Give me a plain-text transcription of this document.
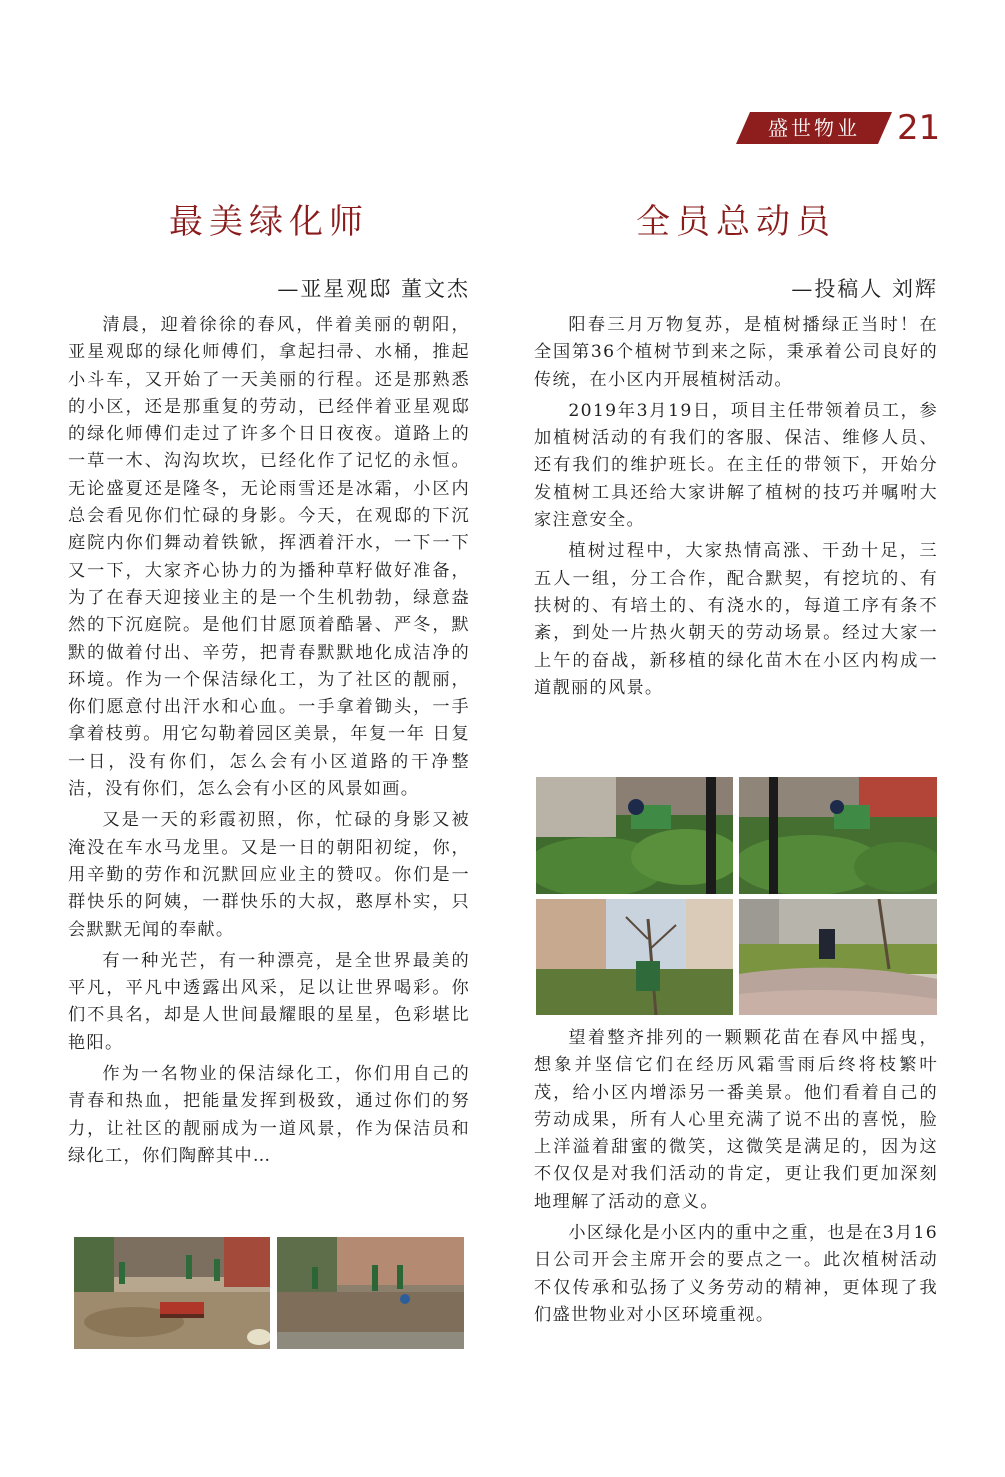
盛世物业	21
最美绿化师
—亚星观邸 董文杰

清晨，迎着徐徐的春风，伴着美丽的朝阳，亚星观邸的绿化师傅们，拿起扫帚、水桶，推起小斗车，又开始了一天美丽的行程。还是那熟悉的小区，还是那重复的劳动，已经伴着亚星观邸的绿化师傅们走过了许多个日日夜夜。道路上的一草一木、沟沟坎坎，已经化作了记忆的永恒。无论盛夏还是隆冬，无论雨雪还是冰霜，小区内总会看见你们忙碌的身影。今天，在观邸的下沉庭院内你们舞动着铁锨，挥洒着汗水，一下一下又一下，大家齐心协力的为播种草籽做好准备，为了在春天迎接业主的是一个生机勃勃，绿意盎然的下沉庭院。是他们甘愿顶着酷暑、严冬，默默的做着付出、辛劳，把青春默默地化成洁净的环境。作为一个保洁绿化工，为了社区的靓丽，你们愿意付出汗水和心血。一手拿着锄头，一手拿着枝剪。用它勾勒着园区美景，年复一年 日复一日，没有你们，怎么会有小区道路的干净整洁，没有你们，怎么会有小区的风景如画。

又是一天的彩霞初照，你，忙碌的身影又被淹没在车水马龙里。又是一日的朝阳初绽，你，用辛勤的劳作和沉默回应业主的赞叹。你们是一群快乐的阿姨，一群快乐的大叔，憨厚朴实，只会默默无闻的奉献。

有一种光芒，有一种漂亮，是全世界最美的平凡，平凡中透露出风采，足以让世界喝彩。你们不具名，却是人世间最耀眼的星星，色彩堪比艳阳。

作为一名物业的保洁绿化工，你们用自己的青春和热血，把能量发挥到极致，通过你们的努力，让社区的靓丽成为一道风景，作为保洁员和绿化工，你们陶醉其中…

全员总动员
—投稿人 刘辉

阳春三月万物复苏，是植树播绿正当时！在全国第36个植树节到来之际，秉承着公司良好的传统，在小区内开展植树活动。

2019年3月19日，项目主任带领着员工，参加植树活动的有我们的客服、保洁、维修人员、还有我们的维护班长。在主任的带领下，开始分发植树工具还给大家讲解了植树的技巧并嘱咐大家注意安全。

植树过程中，大家热情高涨、干劲十足，三五人一组，分工合作，配合默契，有挖坑的、有扶树的、有培土的、有浇水的，每道工序有条不紊，到处一片热火朝天的劳动场景。经过大家一上午的奋战，新移植的绿化苗木在小区内构成一道靓丽的风景。

望着整齐排列的一颗颗花苗在春风中摇曳，想象并坚信它们在经历风霜雪雨后终将枝繁叶茂，给小区内增添另一番美景。他们看着自己的劳动成果，所有人心里充满了说不出的喜悦，脸上洋溢着甜蜜的微笑，这微笑是满足的，因为这不仅仅是对我们活动的肯定，更让我们更加深刻地理解了活动的意义。

小区绿化是小区内的重中之重，也是在3月16日公司开会主席开会的要点之一。此次植树活动不仅传承和弘扬了义务劳动的精神，更体现了我们盛世物业对小区环境重视。
